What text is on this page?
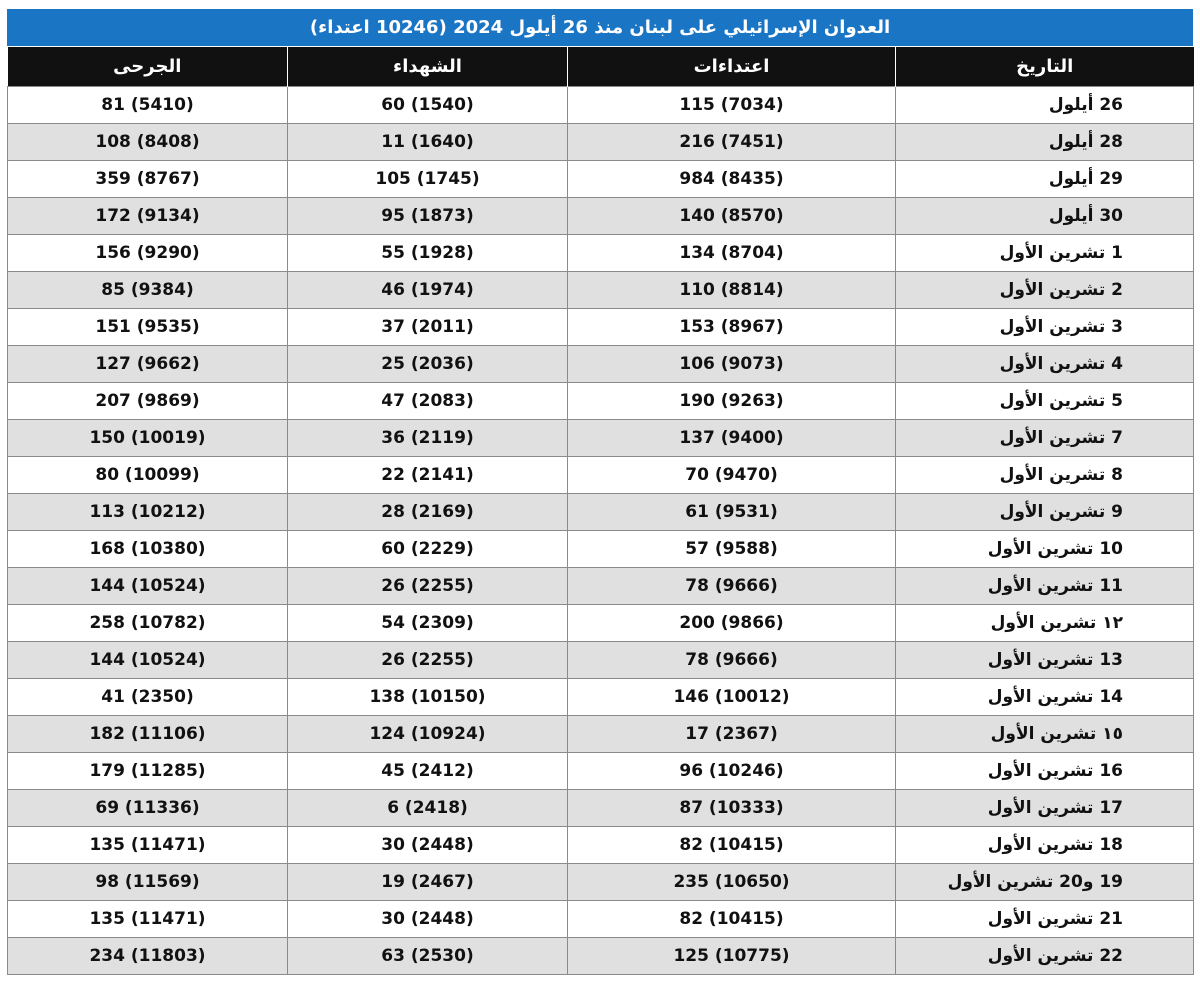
العدوان الإسرائيلي على لبنان منذ 26 أيلول 2024 (10246 اعتداء)
التاريخ	اعتداءات	الشهداء	الجرحى
26 أيلول	115 (7034)	60 (1540)	81 (5410)
28 أيلول	216 (7451)	11 (1640)	108 (8408)
29 أيلول	984 (8435)	105 (1745)	359 (8767)
30 أيلول	140 (8570)	95 (1873)	172 (9134)
1 تشرين الأول	134 (8704)	55 (1928)	156 (9290)
2 تشرين الأول	110 (8814)	46 (1974)	85 (9384)
3 تشرين الأول	153 (8967)	37 (2011)	151 (9535)
4 تشرين الأول	106 (9073)	25 (2036)	127 (9662)
5 تشرين الأول	190 (9263)	47 (2083)	207 (9869)
7 تشرين الأول	137 (9400)	36 (2119)	150 (10019)
8 تشرين الأول	70 (9470)	22 (2141)	80 (10099)
9 تشرين الأول	61 (9531)	28 (2169)	113 (10212)
10 تشرين الأول	57 (9588)	60 (2229)	168 (10380)
11 تشرين الأول	78 (9666)	26 (2255)	144 (10524)
١٢ تشرين الأول	200 (9866)	54 (2309)	258 (10782)
13 تشرين الأول	78 (9666)	26 (2255)	144 (10524)
14 تشرين الأول	146 (10012)	138 (10150)	41 (2350)
١٥ تشرين الأول	17 (2367)	124 (10924)	182 (11106)
16 تشرين الأول	96 (10246)	45 (2412)	179 (11285)
17 تشرين الأول	87 (10333)	6 (2418)	69 (11336)
18 تشرين الأول	82 (10415)	30 (2448)	135 (11471)
19 و20 تشرين الأول	235 (10650)	19 (2467)	98 (11569)
21 تشرين الأول	82 (10415)	30 (2448)	135 (11471)
22 تشرين الأول	125 (10775)	63 (2530)	234 (11803)
